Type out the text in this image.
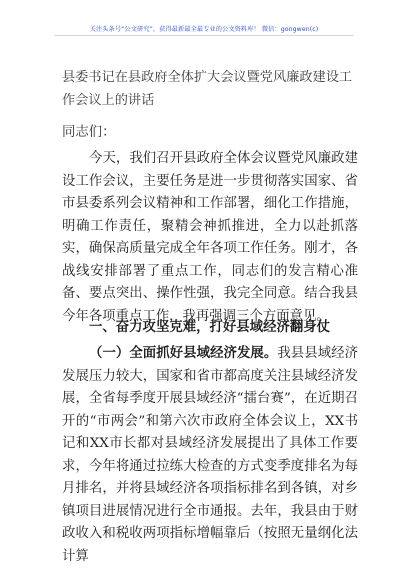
关注头条号“公文研究”，获得最新最全最专业的公文资料库！ 微信：gongwen(c)
县委书记在县政府全体扩大会议暨党风廉政建设工作会议上的讲话
同志们：
今天，我们召开县政府全体会议暨党风廉政建设工作会议，主要任务是进一步贯彻落实国家、省市县委系列会议精神和工作部署，细化工作措施，明确工作责任，聚精会神抓推进，全力以赴抓落实，确保高质量完成全年各项工作任务。刚才，各战线安排部署了重点工作，同志们的发言精心准备、要点突出、操作性强，我完全同意。结合我县今年各项重点工作，我再强调三个方面意见。
一、奋力攻坚克难，打好县域经济翻身仗
（一）全面抓好县域经济发展。我县县域经济发展压力较大，国家和省市都高度关注县域经济发展，全省每季度开展县域经济“擂台赛”，在近期召开的“市两会”和第六次市政府全体会议上，XX书记和XX市长都对县域经济发展提出了具体工作要求，今年将通过拉练大检查的方式变季度排名为每月排名，并将县域经济各项指标排名到各镇，对乡镇项目进展情况进行全市通报。去年，我县由于财政收入和税收两项指标增幅靠后（按照无量纲化法计算
